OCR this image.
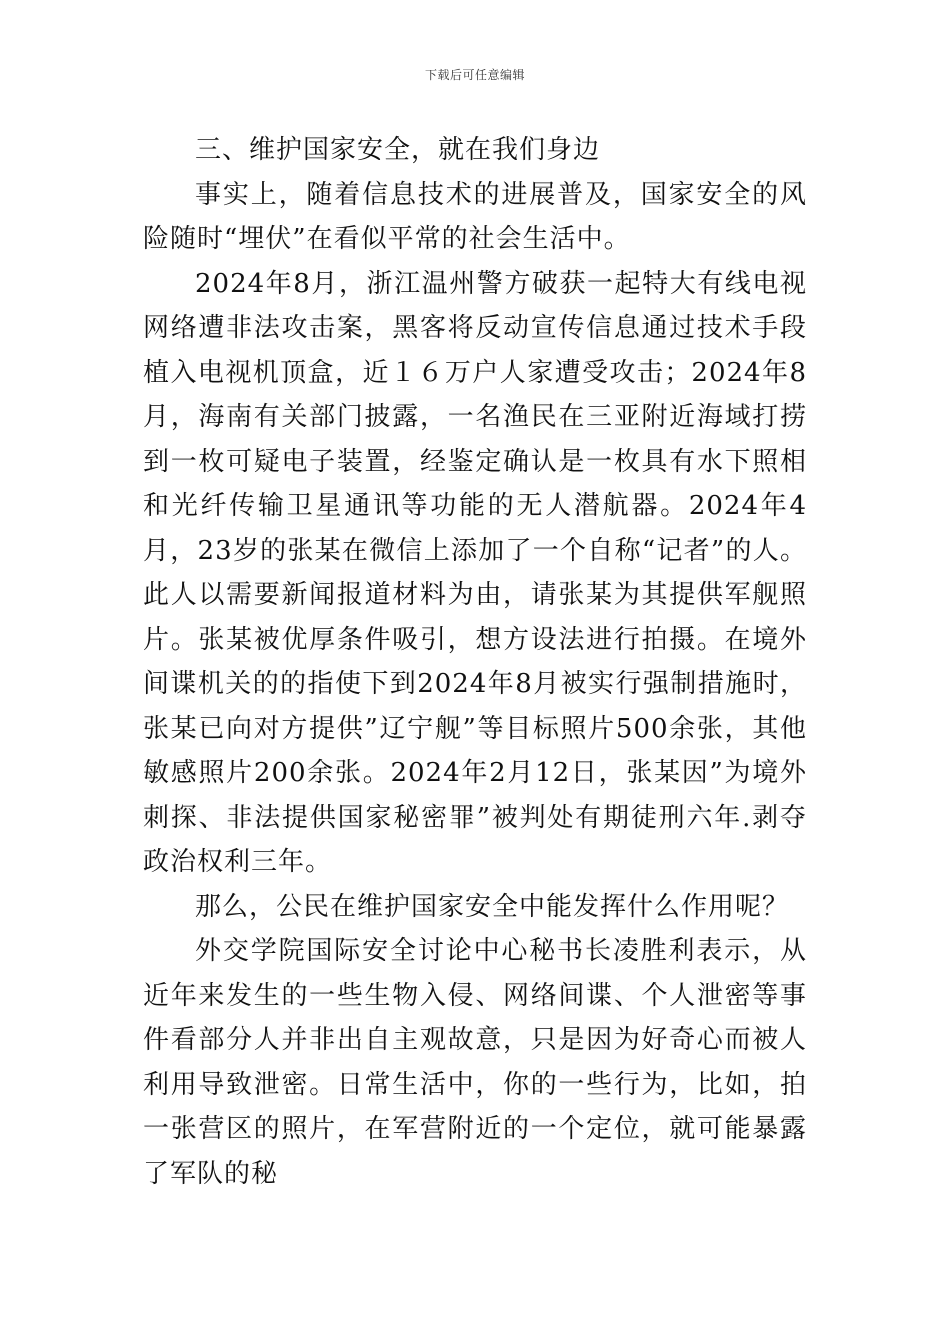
下载后可任意编辑

三、维护国家安全，就在我们身边

事实上，随着信息技术的进展普及，国家安全的风险随时“埋伏”在看似平常的社会生活中。

2024年8月，浙江温州警方破获一起特大有线电视网络遭非法攻击案，黑客将反动宣传信息通过技术手段植入电视机顶盒，近１６万户人家遭受攻击；2024年8月，海南有关部门披露，一名渔民在三亚附近海域打捞到一枚可疑电子装置，经鉴定确认是一枚具有水下照相和光纤传输卫星通讯等功能的无人潜航器。2024年4月，23岁的张某在微信上添加了一个自称“记者”的人。此人以需要新闻报道材料为由，请张某为其提供军舰照片。张某被优厚条件吸引，想方设法进行拍摄。在境外间谍机关的的指使下到2024年8月被实行强制措施时，张某已向对方提供”辽宁舰”等目标照片500余张，其他敏感照片200余张。2024年2月12日，张某因”为境外刺探、非法提供国家秘密罪”被判处有期徒刑六年.剥夺政治权利三年。

那么，公民在维护国家安全中能发挥什么作用呢？

外交学院国际安全讨论中心秘书长凌胜利表示，从近年来发生的一些生物入侵、网络间谍、个人泄密等事件看部分人并非出自主观故意，只是因为好奇心而被人利用导致泄密。日常生活中，你的一些行为，比如，拍一张营区的照片，在军营附近的一个定位，就可能暴露了军队的秘
